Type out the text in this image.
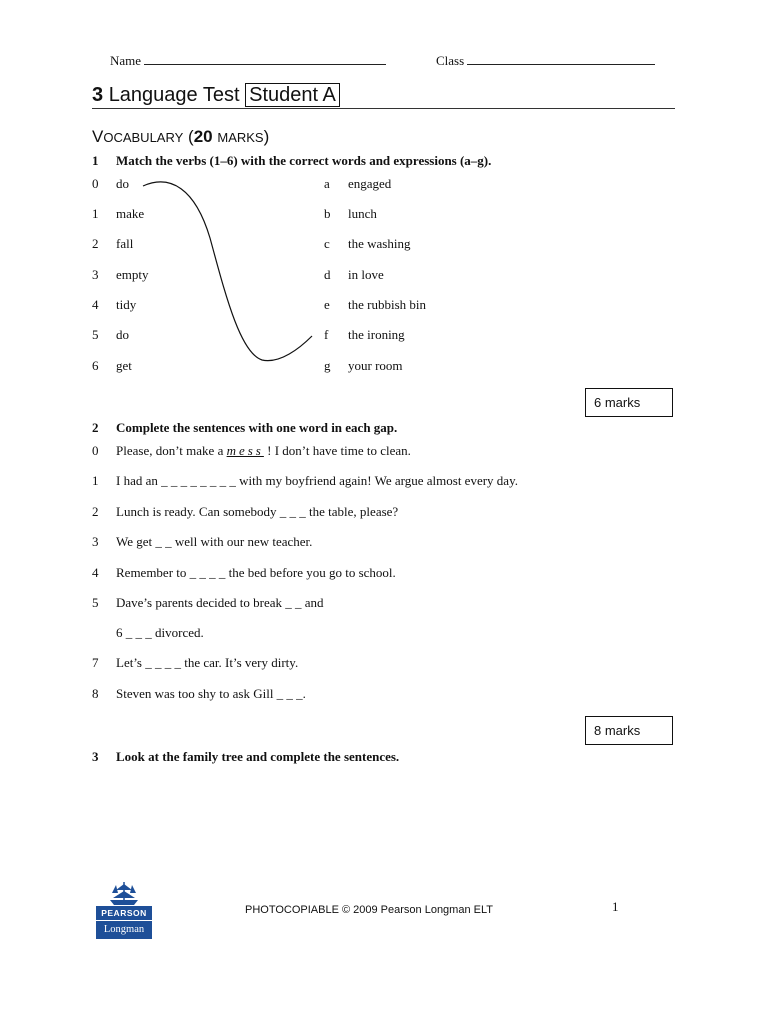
Name	Class
3 Language Test Student A
VOCABULARY (20 MARKS)
1 Match the verbs (1–6) with the correct words and expressions (a–g).
0 do
1 make
2 fall
3 empty
4 tidy
5 do
6 get
a engaged
b lunch
c the washing
d in love
e the rubbish bin
f the ironing
g your room
6 marks
2 Complete the sentences with one word in each gap.
0 Please, don’t make a mess ! I don’t have time to clean.
1 I had an _ _ _ _ _ _ _ _ with my boyfriend again! We argue almost every day.
2 Lunch is ready. Can somebody _ _ _ the table, please?
3 We get _ _ well with our new teacher.
4 Remember to _ _ _ _ the bed before you go to school.
5 Dave’s parents decided to break _ _ and
6 _ _ _ divorced.
7 Let’s _ _ _ _ the car. It’s very dirty.
8 Steven was too shy to ask Gill _ _ _.
8 marks
3 Look at the family tree and complete the sentences.
PEARSON
Longman
PHOTOCOPIABLE © 2009 Pearson Longman ELT	1
